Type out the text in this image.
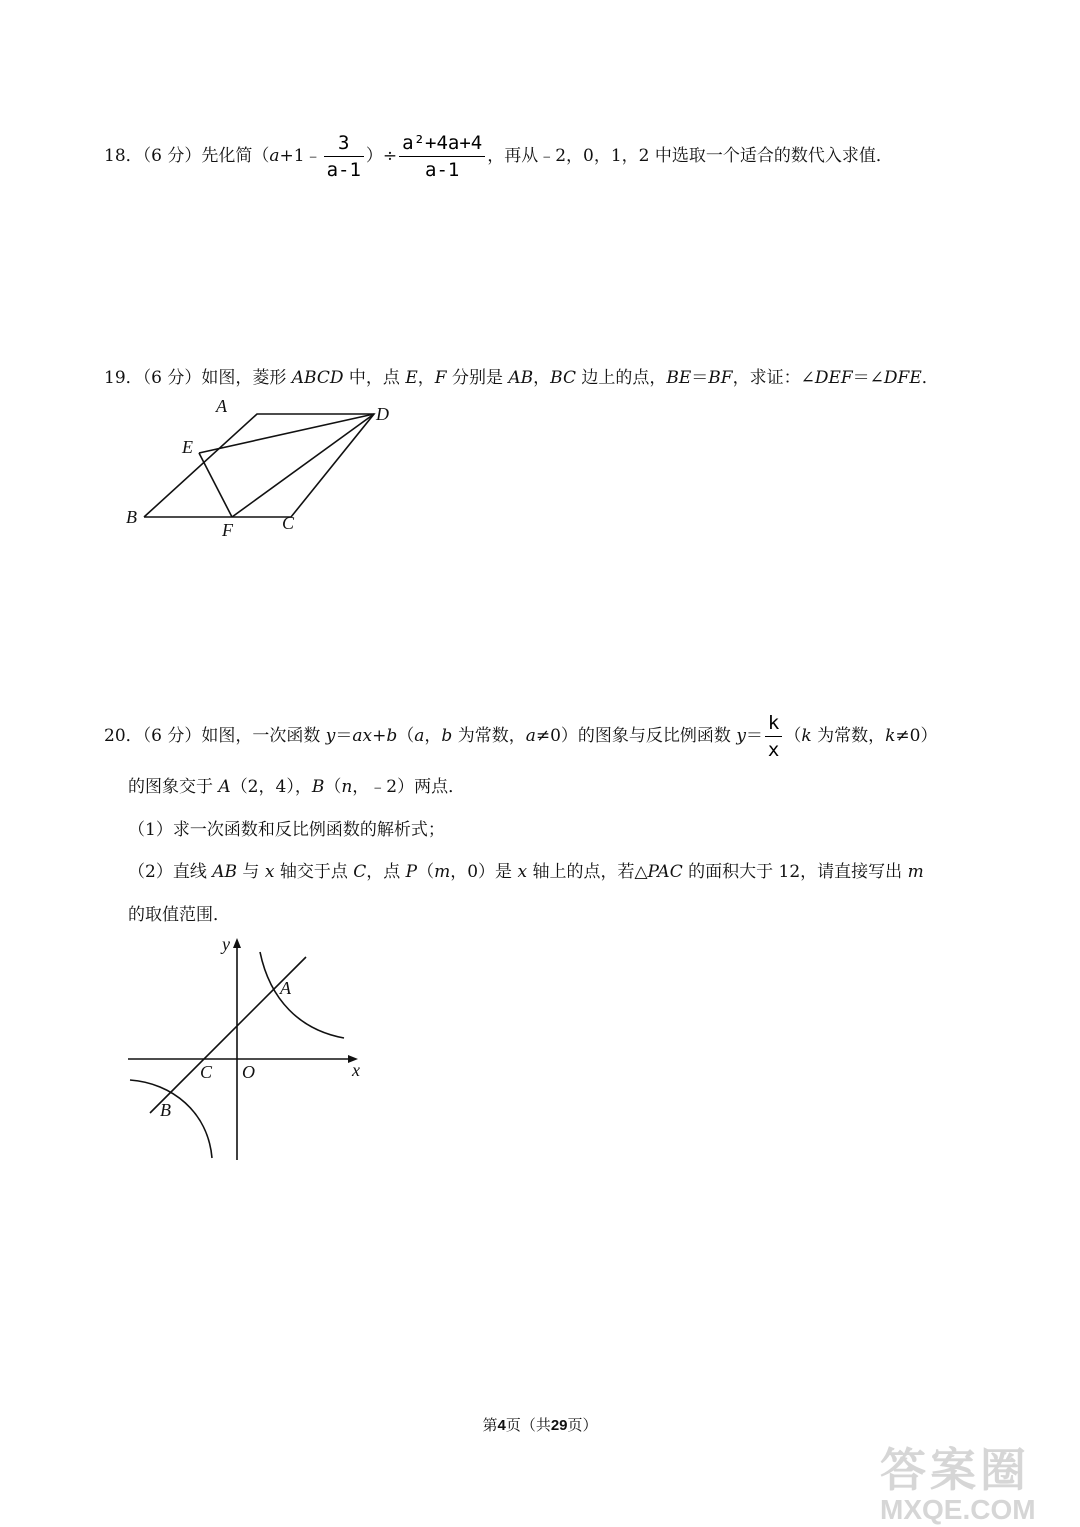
18．（6 分）先化简（a+1﹣ $\frac{3}{a-1}$ ）÷ $\frac{\text{a²+4a+4}}{a-1}$ ，再从﹣2，0，1，2 中选取一个适合的数代入求值．
19．（6 分）如图，菱形 ABCD 中，点 E，F 分别是 AB，BC 边上的点，BE＝BF，求证：∠DEF＝∠DFE．
A	D
E
B
F	C
20．（6 分）如图，一次函数 y＝ax+b（a，b 为常数，a≠0）的图象与反比例函数 $y= \frac{k}{x} (k$ 为常数，k≠0）
的图象交于 A（2，4），B（n，﹣2）两点．
（1）求一次函数和反比例函数的解析式；
（2）直线 AB 与 x 轴交于点 C，点 P（m，0）是 x 轴上的点，若△PAC 的面积大于 12，请直接写出 m
的取值范围．
y
x
A
C O
B
第4页（共29页）
答案圈
MXQE.COM
